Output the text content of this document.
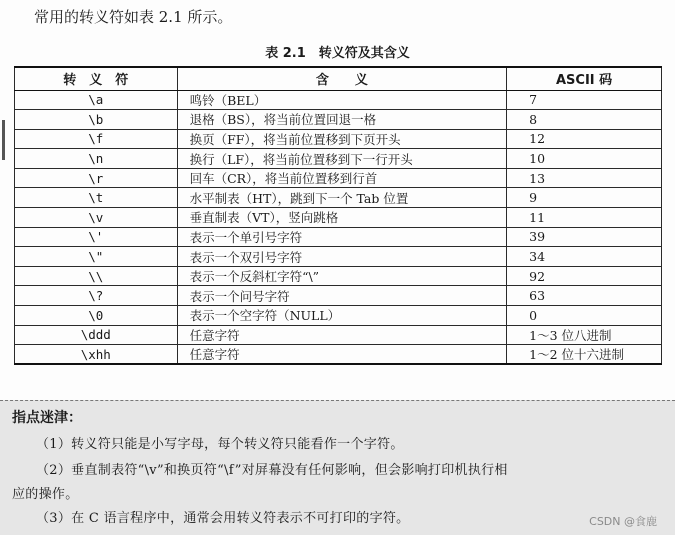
常用的转义符如表 2.1 所示。
表 2.1　转义符及其含义
转　义　符	含　　义	ASCII 码
\a	鸣铃（BEL）	7
\b	退格（BS），将当前位置回退一格	8
\f	换页（FF），将当前位置移到下页开头	12
\n	换行（LF），将当前位置移到下一行开头	10
\r	回车（CR），将当前位置移到行首	13
\t	水平制表（HT），跳到下一个 Tab 位置	9
\v	垂直制表（VT），竖向跳格	11
\'	表示一个单引号字符	39
\"	表示一个双引号字符	34
\\	表示一个反斜杠字符“\”	92
\?	表示一个问号字符	63
\0	表示一个空字符（NULL）	0
\ddd	任意字符	1～3 位八进制
\xhh	任意字符	1～2 位十六进制
指点迷津：
（1）转义符只能是小写字母，每个转义符只能看作一个字符。
（2）垂直制表符“\v”和换页符“\f”对屏幕没有任何影响，但会影响打印机执行相
应的操作。
（3）在 C 语言程序中，通常会用转义符表示不可打印的字符。	CSDN @食鹿
